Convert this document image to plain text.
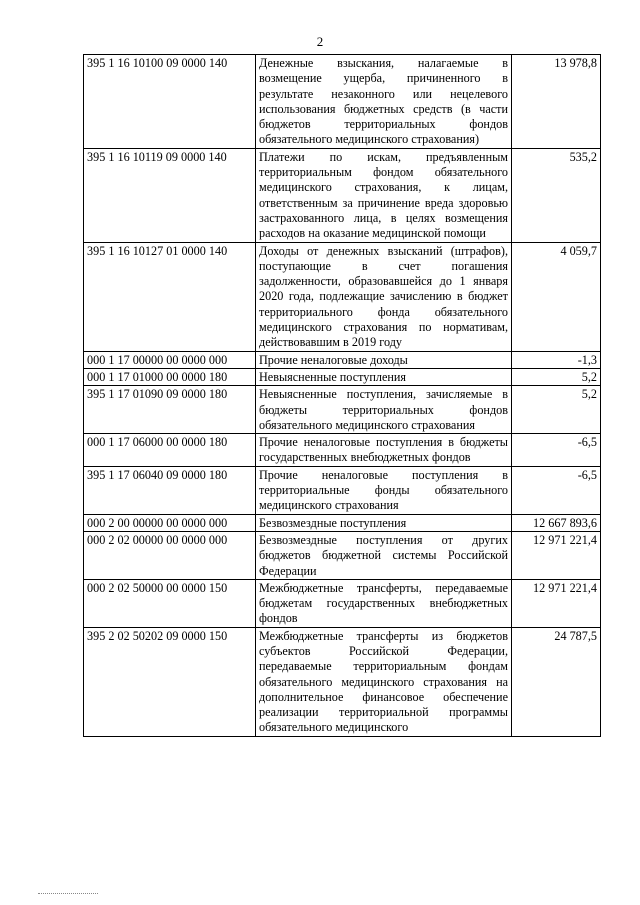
2
395 1 16 10100 09 0000 140	Денежные взыскания, налагаемые в возмещение ущерба, причиненного в результате незаконного или нецелевого использования бюджетных средств (в части бюджетов территориальных фондов обязательного медицинского страхования)	13 978,8
395 1 16 10119 09 0000 140	Платежи по искам, предъявленным территориальным фондом обязательного медицинского страхования, к лицам, ответственным за причинение вреда здоровью застрахованного лица, в целях возмещения расходов на оказание медицинской помощи	535,2
395 1 16 10127 01 0000 140	Доходы от денежных взысканий (штрафов), поступающие в счет погашения задолженности, образовавшейся до 1 января 2020 года, подлежащие зачислению в бюджет территориального фонда обязательного медицинского страхования по нормативам, действовавшим в 2019 году	4 059,7
000 1 17 00000 00 0000 000	Прочие неналоговые доходы	-1,3
000 1 17 01000 00 0000 180	Невыясненные поступления	5,2
395 1 17 01090 09 0000 180	Невыясненные поступления, зачисляемые в бюджеты территориальных фондов обязательного медицинского страхования	5,2
000 1 17 06000 00 0000 180	Прочие неналоговые поступления в бюджеты государственных внебюджетных фондов	-6,5
395 1 17 06040 09 0000 180	Прочие неналоговые поступления в территориальные фонды обязательного медицинского страхования	-6,5
000 2 00 00000 00 0000 000	Безвозмездные поступления	12 667 893,6
000 2 02 00000 00 0000 000	Безвозмездные поступления от других бюджетов бюджетной системы Российской Федерации	12 971 221,4
000 2 02 50000 00 0000 150	Межбюджетные трансферты, передаваемые бюджетам государственных внебюджетных фондов	12 971 221,4
395 2 02 50202 09 0000 150	Межбюджетные трансферты из бюджетов субъектов Российской Федерации, передаваемые территориальным фондам обязательного медицинского страхования на дополнительное финансовое обеспечение реализации территориальной программы обязательного медицинского	24 787,5
